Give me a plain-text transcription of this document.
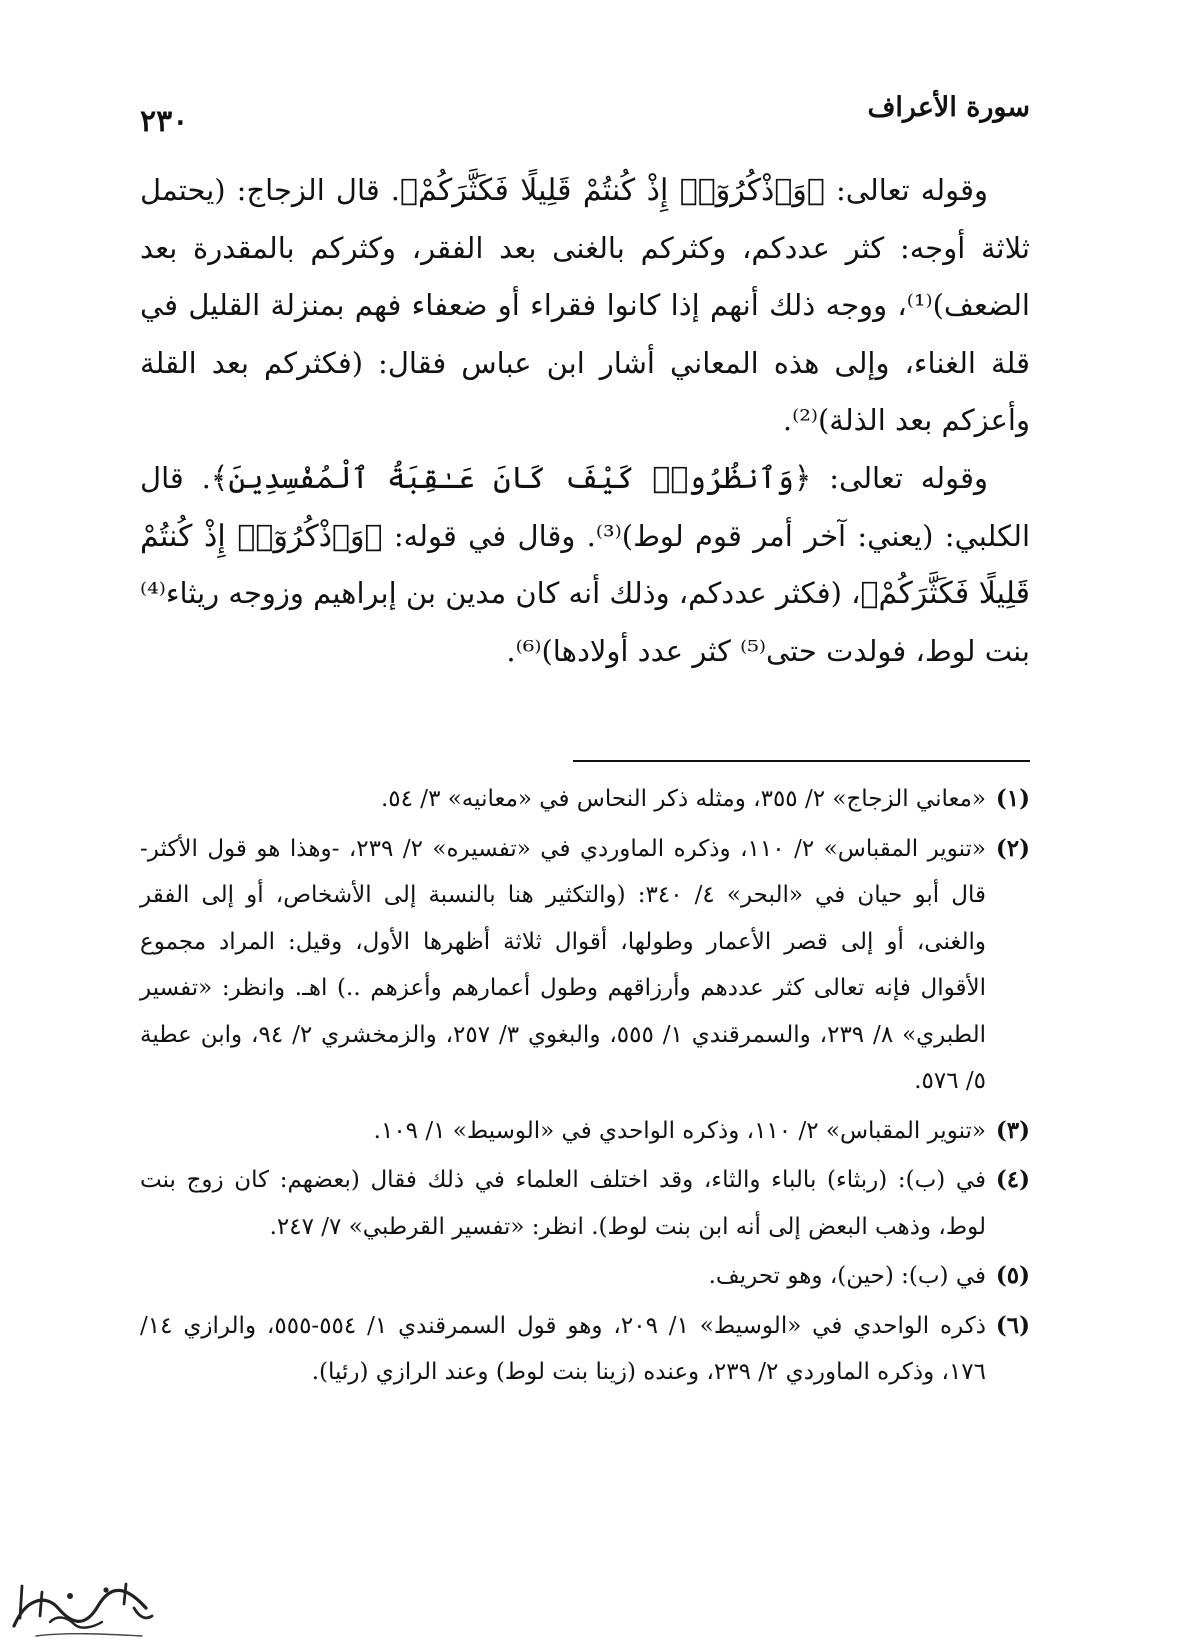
سورة الأعراف
٢٣٠

وقوله تعالى: ﴿وَٱذْكُرُوٓا۟ إِذْ كُنتُمْ قَلِيلًا فَكَثَّرَكُمْ﴾. قال الزجاج: (يحتمل ثلاثة أوجه: كثر عددكم، وكثركم بالغنى بعد الفقر، وكثركم بالمقدرة بعد الضعف)⁽¹⁾، ووجه ذلك أنهم إذا كانوا فقراء أو ضعفاء فهم بمنزلة القليل في قلة الغناء، وإلى هذه المعاني أشار ابن عباس فقال: (فكثركم بعد القلة وأعزكم بعد الذلة)⁽²⁾.

وقوله تعالى: ﴿وَٱنظُرُوا۟ كَيْفَ كَانَ عَـٰقِبَةُ ٱلْمُفْسِدِينَ﴾. قال الكلبي: (يعني: آخر أمر قوم لوط)⁽³⁾. وقال في قوله: ﴿وَٱذْكُرُوٓا۟ إِذْ كُنتُمْ قَلِيلًا فَكَثَّرَكُمْ﴾، (فكثر عددكم، وذلك أنه كان مدين بن إبراهيم وزوجه ريثاء⁽⁴⁾ بنت لوط، فولدت حتى⁽⁵⁾ كثر عدد أولادها)⁽⁶⁾.

(١)
«معاني الزجاج» ٢/ ٣٥٥، ومثله ذكر النحاس في «معانيه» ٣/ ٥٤.
(٢)
«تنوير المقباس» ٢/ ١١٠، وذكره الماوردي في «تفسيره» ٢/ ٢٣٩، -وهذا هو قول الأكثر- قال أبو حيان في «البحر» ٤/ ٣٤٠: (والتكثير هنا بالنسبة إلى الأشخاص، أو إلى الفقر والغنى، أو إلى قصر الأعمار وطولها، أقوال ثلاثة أظهرها الأول، وقيل: المراد مجموع الأقوال فإنه تعالى كثر عددهم وأرزاقهم وطول أعمارهم وأعزهم ..) اهـ. وانظر: «تفسير الطبري» ٨/ ٢٣٩، والسمرقندي ١/ ٥٥٥، والبغوي ٣/ ٢٥٧، والزمخشري ٢/ ٩٤، وابن عطية ٥/ ٥٧٦.
(٣)
«تنوير المقباس» ٢/ ١١٠، وذكره الواحدي في «الوسيط» ١/ ١٠٩.
(٤)
في (ب): (ربثاء) بالباء والثاء، وقد اختلف العلماء في ذلك فقال (بعضهم: كان زوج بنت لوط، وذهب البعض إلى أنه ابن بنت لوط). انظر: «تفسير القرطبي» ٧/ ٢٤٧.
(٥)
في (ب): (حين)، وهو تحريف.
(٦)
ذكره الواحدي في «الوسيط» ١/ ٢٠٩، وهو قول السمرقندي ١/ ٥٥٤-٥٥٥، والرازي ١٤/ ١٧٦، وذكره الماوردي ٢/ ٢٣٩، وعنده (زينا بنت لوط) وعند الرازي (رئيا).
